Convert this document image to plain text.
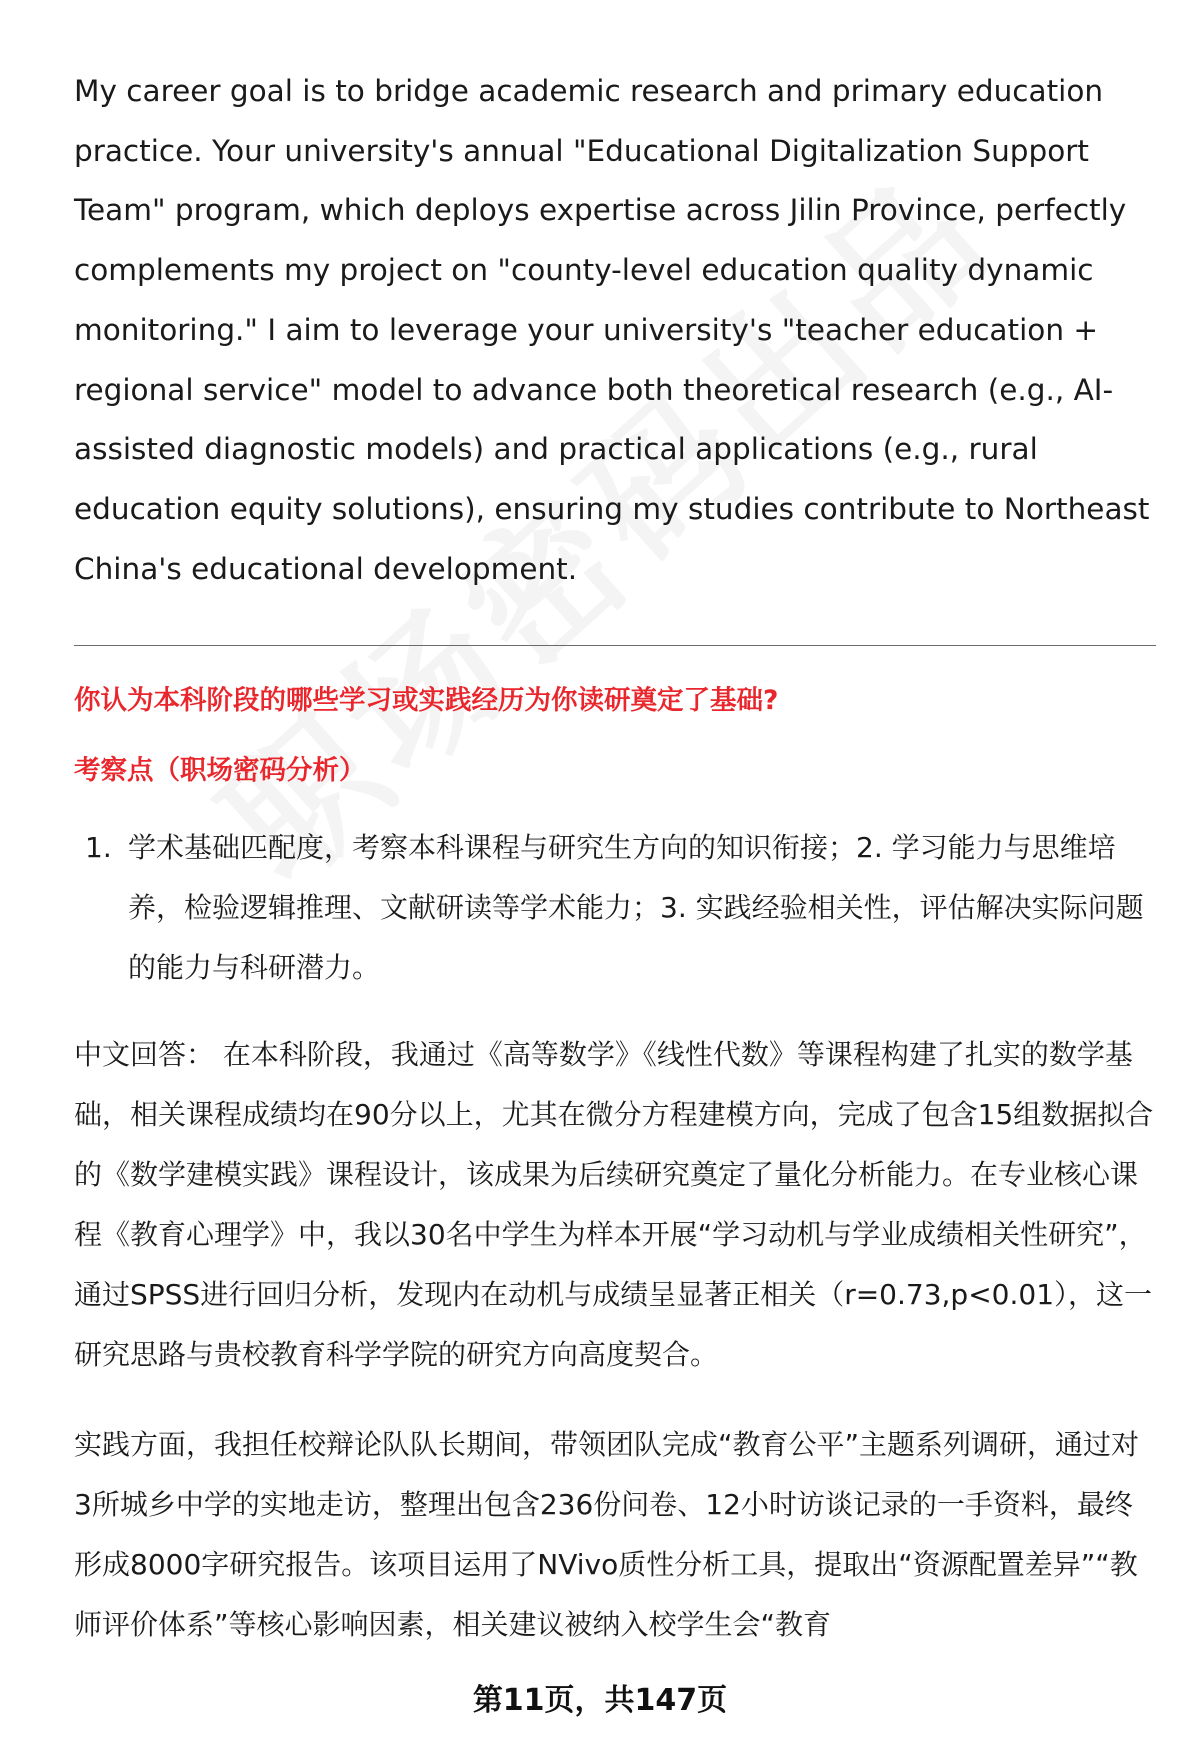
My career goal is to bridge academic research and primary education practice. Your university's annual "Educational Digitalization Support Team" program, which deploys expertise across Jilin Province, perfectly complements my project on "county-level education quality dynamic monitoring." I aim to leverage your university's "teacher education + regional service" model to advance both theoretical research (e.g., AI-assisted diagnostic models) and practical applications (e.g., rural education equity solutions), ensuring my studies contribute to Northeast China's educational development.

你认为本科阶段的哪些学习或实践经历为你读研奠定了基础?

考察点（职场密码分析）

1. 学术基础匹配度，考察本科课程与研究生方向的知识衔接；2. 学习能力与思维培养，检验逻辑推理、文献研读等学术能力；3. 实践经验相关性，评估解决实际问题的能力与科研潜力。

中文回答： 在本科阶段，我通过《高等数学》《线性代数》等课程构建了扎实的数学基础，相关课程成绩均在90分以上，尤其在微分方程建模方向，完成了包含15组数据拟合的《数学建模实践》课程设计，该成果为后续研究奠定了量化分析能力。在专业核心课程《教育心理学》中，我以30名中学生为样本开展“学习动机与学业成绩相关性研究”，通过SPSS进行回归分析，发现内在动机与成绩呈显著正相关（r=0.73,p<0.01），这一研究思路与贵校教育科学学院的研究方向高度契合。

实践方面，我担任校辩论队队长期间，带领团队完成“教育公平”主题系列调研，通过对3所城乡中学的实地走访，整理出包含236份问卷、12小时访谈记录的一手资料，最终形成8000字研究报告。该项目运用了NVivo质性分析工具，提取出“资源配置差异”“教师评价体系”等核心影响因素，相关建议被纳入校学生会“教育

第11页，共147页
